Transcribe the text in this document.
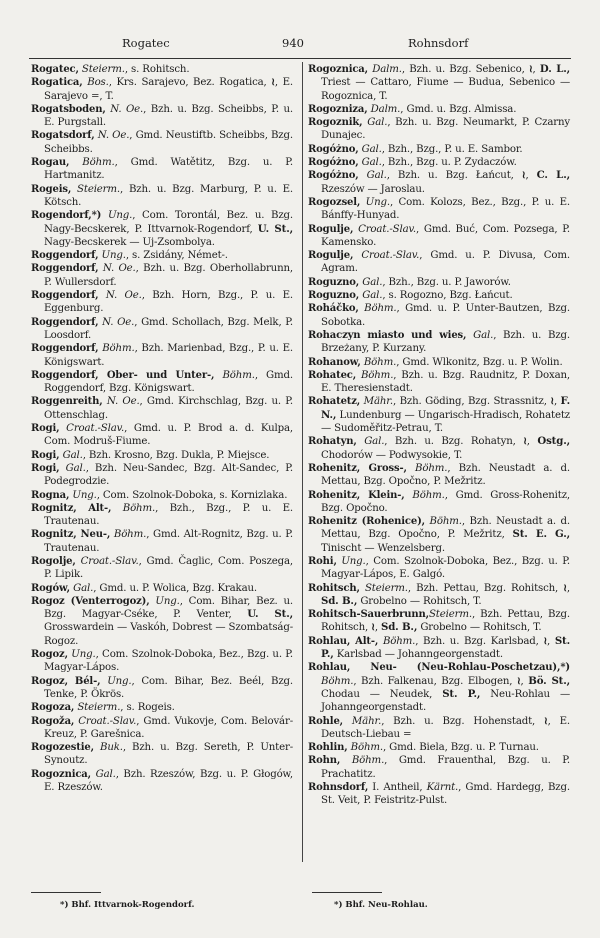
Rogatec	940	Rohnsdorf

Rogatec, Steierm., s. Rohitsch.

Rogatica, Bos., Krs. Sarajevo, Bez. Rogatica, ≀, E. Sarajevo =, T.

Rogatsboden, N. Oe., Bzh. u. Bzg. Scheibbs, P. u. E. Purgstall.

Rogatsdorf, N. Oe., Gmd. Neustiftb. Scheibbs, Bzg. Scheibbs.

Rogau, Böhm., Gmd. Watětitz, Bzg. u. P. Hartmanitz.

Rogeis, Steierm., Bzh. u. Bzg. Marburg, P. u. E. Kötsch.

Rogendorf,*) Ung., Com. Torontál, Bez. u. Bzg. Nagy-Becskerek, P. Ittvarnok-Rogendorf, U. St., Nagy-Becskerek — Uj-Zsombolya.

Roggendorf, Ung., s. Zsidány, Német-.

Roggendorf, N. Oe., Bzh. u. Bzg. Oberhollabrunn, P. Wullersdorf.

Roggendorf, N. Oe., Bzh. Horn, Bzg., P. u. E. Eggenburg.

Roggendorf, N. Oe., Gmd. Schollach, Bzg. Melk, P. Loosdorf.

Roggendorf, Böhm., Bzh. Marienbad, Bzg., P. u. E. Königswart.

Roggendorf, Ober- und Unter-, Böhm., Gmd. Roggendorf, Bzg. Königswart.

Roggenreith, N. Oe., Gmd. Kirchschlag, Bzg. u. P. Ottenschlag.

Rogi, Croat.-Slav., Gmd. u. P. Brod a. d. Kulpa, Com. Modruš-Fiume.

Rogi, Gal., Bzh. Krosno, Bzg. Dukla, P. Miejsce.

Rogi, Gal., Bzh. Neu-Sandec, Bzg. Alt-Sandec, P. Podegrodzie.

Rogna, Ung., Com. Szolnok-Doboka, s. Kornizlaka.

Rognitz, Alt-, Böhm., Bzh., Bzg., P. u. E. Trautenau.

Rognitz, Neu-, Böhm., Gmd. Alt-Rognitz, Bzg. u. P. Trautenau.

Rogolje, Croat.-Slav., Gmd. Čaglic, Com. Poszega, P. Lipik.

Rogów, Gal., Gmd. u. P. Wolica, Bzg. Krakau.

Rogoz (Venterrogoz), Ung., Com. Bihar, Bez. u. Bzg. Magyar-Cséke, P. Venter, U. St., Grosswardein — Vaskóh, Dobrest — Szombatság-Rogoz.

Rogoz, Ung., Com. Szolnok-Doboka, Bez., Bzg. u. P. Magyar-Lápos.

Rogoz, Bél-, Ung., Com. Bihar, Bez. Beél, Bzg. Tenke, P. Ökrös.

Rogoza, Steierm., s. Rogeis.

Rogoža, Croat.-Slav., Gmd. Vukovje, Com. Belovár-Kreuz, P. Garešnica.

Rogozestie, Buk., Bzh. u. Bzg. Sereth, P. Unter-Synoutz.

Rogoznica, Gal., Bzh. Rzeszów, Bzg. u. P. Głogów, E. Rzeszów.

Rogoznica, Dalm., Bzh. u. Bzg. Sebenico, ≀, D. L., Triest — Cattaro, Fiume — Budua, Sebenico — Rogoznica, T.

Rogozniza, Dalm., Gmd. u. Bzg. Almissa.

Rogoznik, Gal., Bzh. u. Bzg. Neumarkt, P. Czarny Dunajec.

Rogóżno, Gal., Bzh., Bzg., P. u. E. Sambor.

Rogóżno, Gal., Bzh., Bzg. u. P. Zydaczów.

Rogóżno, Gal., Bzh. u. Bzg. Łańcut, ≀, C. L., Rzeszów — Jaroslau.

Rogozsel, Ung., Com. Kolozs, Bez., Bzg., P. u. E. Bánffy-Hunyad.

Rogulje, Croat.-Slav., Gmd. Buć, Com. Pozsega, P. Kamensko.

Rogulje, Croat.-Slav., Gmd. u. P. Divusa, Com. Agram.

Roguzno, Gal., Bzh., Bzg. u. P. Jaworów.

Roguzno, Gal., s. Rogozno, Bzg. Łańcut.

Roháčko, Böhm., Gmd. u. P. Unter-Bautzen, Bzg. Sobotka.

Rohaczyn miasto und wies, Gal., Bzh. u. Bzg. Brzeżany, P. Kurzany.

Rohanow, Böhm., Gmd. Wlkonitz, Bzg. u. P. Wolin.

Rohatec, Böhm., Bzh. u. Bzg. Raudnitz, P. Doxan, E. Theresienstadt.

Rohatetz, Mähr., Bzh. Göding, Bzg. Strassnitz, ≀, F. N., Lundenburg — Ungarisch-Hradisch, Rohatetz — Sudoměřitz-Petrau, T.

Rohatyn, Gal., Bzh. u. Bzg. Rohatyn, ≀, Ostg., Chodorów — Podwysokie, T.

Rohenitz, Gross-, Böhm., Bzh. Neustadt a. d. Mettau, Bzg. Opočno, P. Mežritz.

Rohenitz, Klein-, Böhm., Gmd. Gross-Rohenitz, Bzg. Opočno.

Rohenitz (Rohenice), Böhm., Bzh. Neustadt a. d. Mettau, Bzg. Opočno, P. Mežritz, St. E. G., Tinischt — Wenzelsberg.

Rohi, Ung., Com. Szolnok-Doboka, Bez., Bzg. u. P. Magyar-Lápos, E. Galgó.

Rohitsch, Steierm., Bzh. Pettau, Bzg. Rohitsch, ≀, Sd. B., Grobelno — Rohitsch, T.

Rohitsch-Sauerbrunn,Steierm., Bzh. Pettau, Bzg. Rohitsch, ≀, Sd. B., Grobelno — Rohitsch, T.

Rohlau, Alt-, Böhm., Bzh. u. Bzg. Karlsbad, ≀, St. P., Karlsbad — Johanngeorgenstadt.

Rohlau, Neu- (Neu-Rohlau-Poschetzau),*) Böhm., Bzh. Falkenau, Bzg. Elbogen, ≀, Bö. St., Chodau — Neudek, St. P., Neu-Rohlau — Johanngeorgenstadt.

Rohle, Mähr., Bzh. u. Bzg. Hohenstadt, ≀, E. Deutsch-Liebau =

Rohlin, Böhm., Gmd. Biela, Bzg. u. P. Turnau.

Rohn, Böhm., Gmd. Frauenthal, Bzg. u. P. Prachatitz.

Rohnsdorf, I. Antheil, Kärnt., Gmd. Hardegg, Bzg. St. Veit, P. Feistritz-Pulst.

*) Bhf. Ittvarnok-Rogendorf.	*) Bhf. Neu-Rohlau.
